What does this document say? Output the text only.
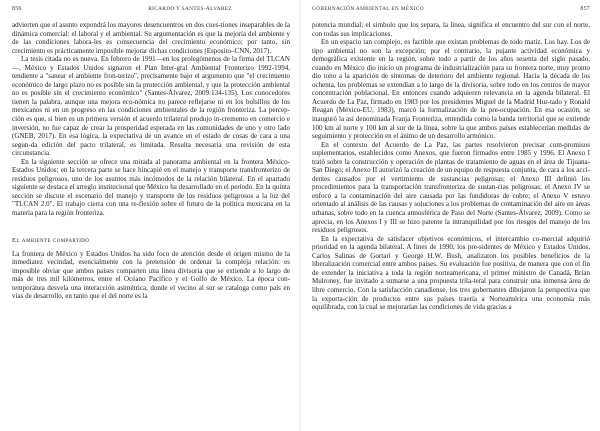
856	RICARDO Y SANTES-ÁLVAREZ

advierten que el asunto expondrá los mayores desencuentros en dos cues-tiones inseparables de la dinámica comercial: el laboral y el ambiental. Su argumentación es que la mejoría del ambiente y de las condiciones labora-les es consecuencia del crecimiento económico; por tanto, sin crecimiento es prácticamente imposible mejorar dichas condiciones (Esposito–CNN, 2017).

La tesis citada no es nueva. En febrero de 1991—en los prolegómenos de la firma del TLCAN—, México y Estados Unidos signaron el Plan Inter-gral Ambiental Fronterizo 1992-1994, tendiente a "sanear el ambiente fron-terizo", precisamente bajo el argumento que "el crecimiento económico de largo plazo no es posible sin la protección ambiental, y que la protección ambiental no es posible sin el crecimiento económico" (Santes-Álvarez, 2009:134-135). Los conocedores tienen la palabra, aunque una mejora eco-nómica no parece reflejarse ni en los bolsillos de los mexicanos ni en un progreso en las condiciones ambientales de la región fronteriza. La percep-ción es que, si bien es un primera versión el acuerdo trilateral produjo in-cremento en comercio e inversión, no fue capaz de crear la prosperidad esperada en las comunidades de uno y otro lado (GNEB, 2017). En esa lógica, la expectativa de un avance en el estado de cosas de cara a una segun-da edición del pacto trilateral, es limitada. Resulta necesaria una revisión de esta circunstancia.

En la siguiente sección se ofrece una mirada al panorama ambiental en la frontera México-Estados Unidos; en la tercera parte se hace hincapié en el manejo y transporte transfronterizo de residuos peligrosos, uno de los asuntos más incómodos de la relación bilateral. En el apartado siguiente se destaca el arreglo institucional que México ha desarrollado en el periodo. En la quinta sección se discute el escenario del manejo y transporte de los residuos peligrosos a la luz del "TLCAN 2.0". El trabajo cierra con una re-flexión sobre el futuro de la política mexicana en la materia para la región fronteriza.

El ambiente compartido

La frontera de México y Estados Unidos ha sido foco de atención desde el origen mismo de la inmediatez vecindad, esencialmente con la pretensión de ordenar la compleja relación: es imposible obviar que ambos países comparten una línea divisoria que se extiende a lo largo de más de tres mil kilómetros, entre el Océano Pacífico y el Golfo de México. La época con-temporánea desvela una interacción asimétrica, donde el vecino al sur se cataloga como país en vías de desarrollo, en tanto que el del norte es la

GOBERNACIÓN AMBIENTAL EN MÉXICO	857

potencia mundial; el simbolo que los separa, la línea, significa el encuentro del sur con el norte, con todas sus implicaciones.

En un espacio tan complejo, es factible que existan problemas de todo matiz. Los hay. Los de tipo ambiental no son la excepción; por el contrario, la pujante actividad económica y demográfica existente en la región, sobre todo a partir de los años sesenta del siglo pasado, cuando en México dio inicio un programa de industrialización para su frontera norte, muy pronto dio tono a la aparición de síntomas de deterioro del ambiente regional. Hacia la década de los ochenta, los problemas se extendían a lo largo de la divisoria, sobre todo en los centros de mayor concentración poblacional. En entonces cuando adquieren relevancia en la agenda bilateral. El Acuerdo de La Paz, firmado en 1983 por los presidentes Miguel de la Madrid Hur-tado y Ronald Reagan (México-EU, 1983), marcó la formalización de la pre-ocupación. En esa ocasión, se inauguró la así denominada Franja Fronteriza, entendida como la banda territorial que se extiende 100 km al norte y 100 km al sur de la línea, sobre la que ambos países establecerían medidas de seguimiento y protección en el ánimo de un desarrollo armónico.

En el contexto del Acuerdo de La Paz, las partes resolvieron precisar com-promisos suplementarios, establecidos como Anexos, que fueron firmados entre 1985 y 1996. El Anexo I trató sobre la construcción y operación de plantas de tratamiento de aguas en el área de Tijuana-San Diego; el Anexo II autorizó la creación de un equipo de respuesta conjunta, de cara a los acci-dentes causados por el vertimiento de sustancias peligrosas; el Anexo III definió los procedimientos para la transportación transfronteriza de sustan-cias peligrosas; el Anexo IV se enfocó a la contaminación del aire causada por las fundidoras de cobre; el Anexo V estuvo orientado al análisis de las causas y soluciones a los problemas de contaminación del aire en áreas urbanas, sobre todo en la cuenca atmosférica de Paso del Norte (Santes-Álvarez, 2009). Como se aprecia, en los Anexos I y III se hizo patente la intranquilidad por los riesgos del manejo de los residuos peligrosos.

En la expectativa de satisfacer objetivos económicos, el intercambio co-mercial adquirió prioridad en la agenda bilateral. A fines de 1990, los pre-sidentes de México y Estados Unidos, Carlos Salinas de Gortari y George H.W. Bush, analizaron los posibles beneficios de la liberalización comercial entre ambos países. Su evaluación fue positiva, de manera que con el fin de extender la iniciativa a toda la región norteamericana, el primer ministro de Canadá, Brian Mulroney, fue invitado a sumarse a una propuesta trila-teral para construir una inmensa área de libre comercio. Con la satisfacción canadiense, los tres gobernantes dibujaron la perspectiva que la exporta-ción de productos entre sus países traería a Norteamérica una economía más equilibrada, con la cual se mejorarían las condiciones de vida gracias a
